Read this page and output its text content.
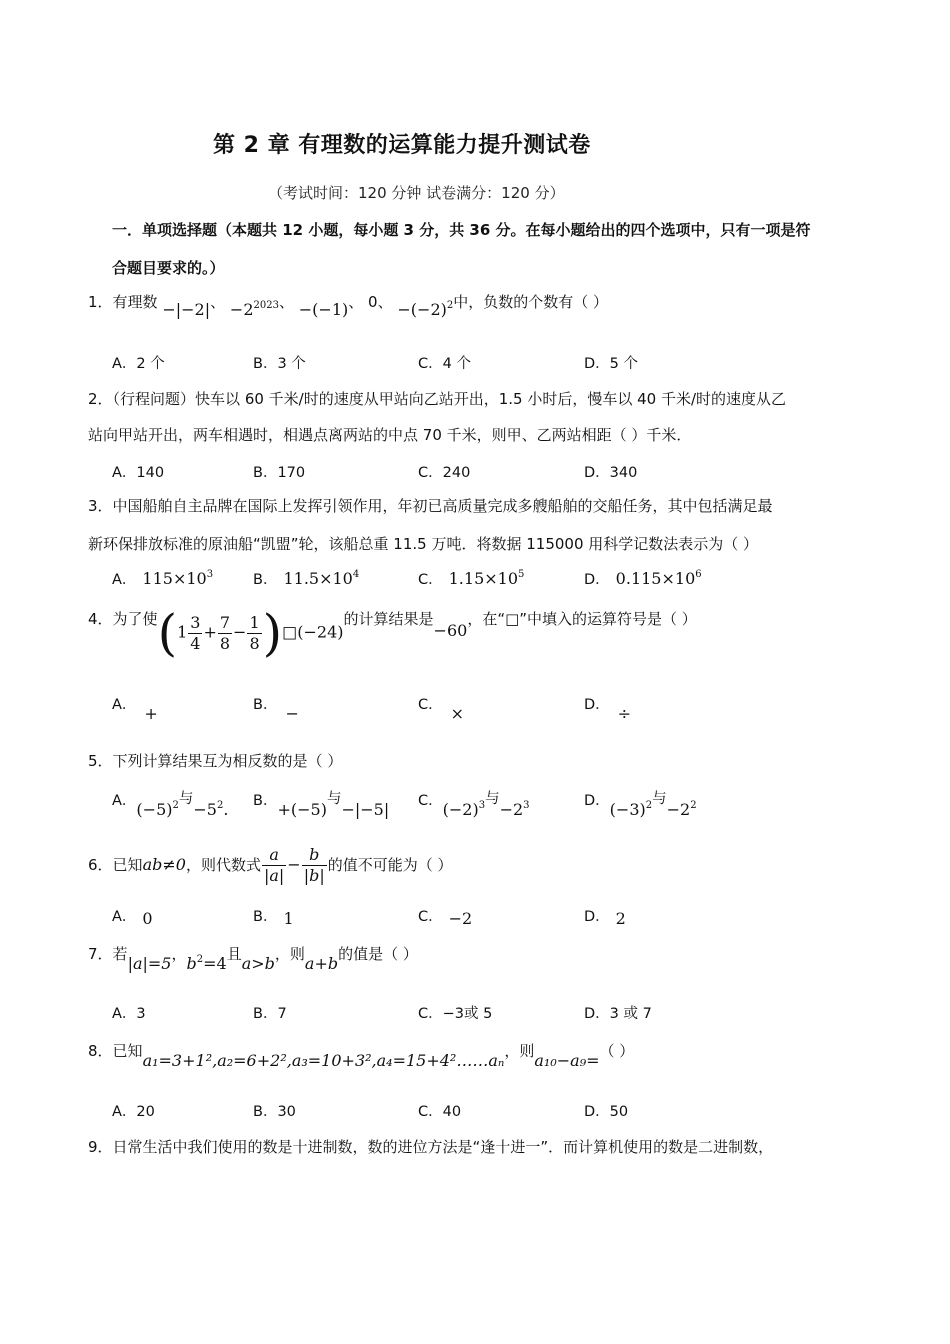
第 2 章 有理数的运算能力提升测试卷
（考试时间：120 分钟 试卷满分：120 分）
一．单项选择题（本题共 12 小题，每小题 3 分，共 36 分。在每小题给出的四个选项中，只有一项是符
合题目要求的。）
1．有理数 −|−2|、 $-2^{2023}$、 −(−1)、 0、 $-(-2)^2$中，负数的个数有（ ）
A．2 个	B．3 个	C．4 个	D．5 个
2．（行程问题）快车以 60 千米/时的速度从甲站向乙站开出，1.5 小时后，慢车以 40 千米/时的速度从乙
站向甲站开出，两车相遇时，相遇点离两站的中点 70 千米，则甲、乙两站相距（ ）千米．
A．140	B．170	C．240	D．340
3．中国船舶自主品牌在国际上发挥引领作用，年初已高质量完成多艘船舶的交船任务，其中包括满足最
新环保排放标准的原油船“凯盟”轮，该船总重 11.5 万吨．将数据 115000 用科学记数法表示为（ ）
A． $115\times 10^3$	B． $11.5\times 10^4$	C． $1.15\times 10^5$	D． $0.115\times 10^6$
4．为了使($1 \frac{3}{4} + \frac{7}{8} - \frac{1}{8}$ )□(−24)的计算结果是−60，在“□”中填入的运算符号是（ ）
A． +	B． −	C． ×	D． ÷
5．下列计算结果互为相反数的是（ ）
A．$(-5)^2$与$-5^2$. B．+(−5)与−|−5| C．$(-2)^3$与$-2^3$	D．$(-3)^2$与$-2^2$
6．已知ab≠0，则代数式 $\frac{a}{|a|} - \frac{b}{|b|}$ 的值不可能为（ ）
A． 0	B． 1	C． −2	D． 2
7．若|a|=5，$b^2=4$且a>b，则a+b的值是（ ）
A．3	B．7	C．−3或 5	D．3 或 7
8．已知a₁=3+1²,a₂=6+2²,a₃=10+3²,a₄=15+4²……aₙ，则a₁₀−a₉=（ ）
A．20	B．30	C．40	D．50
9．日常生活中我们使用的数是十进制数，数的进位方法是“逢十进一”．而计算机使用的数是二进制数，
